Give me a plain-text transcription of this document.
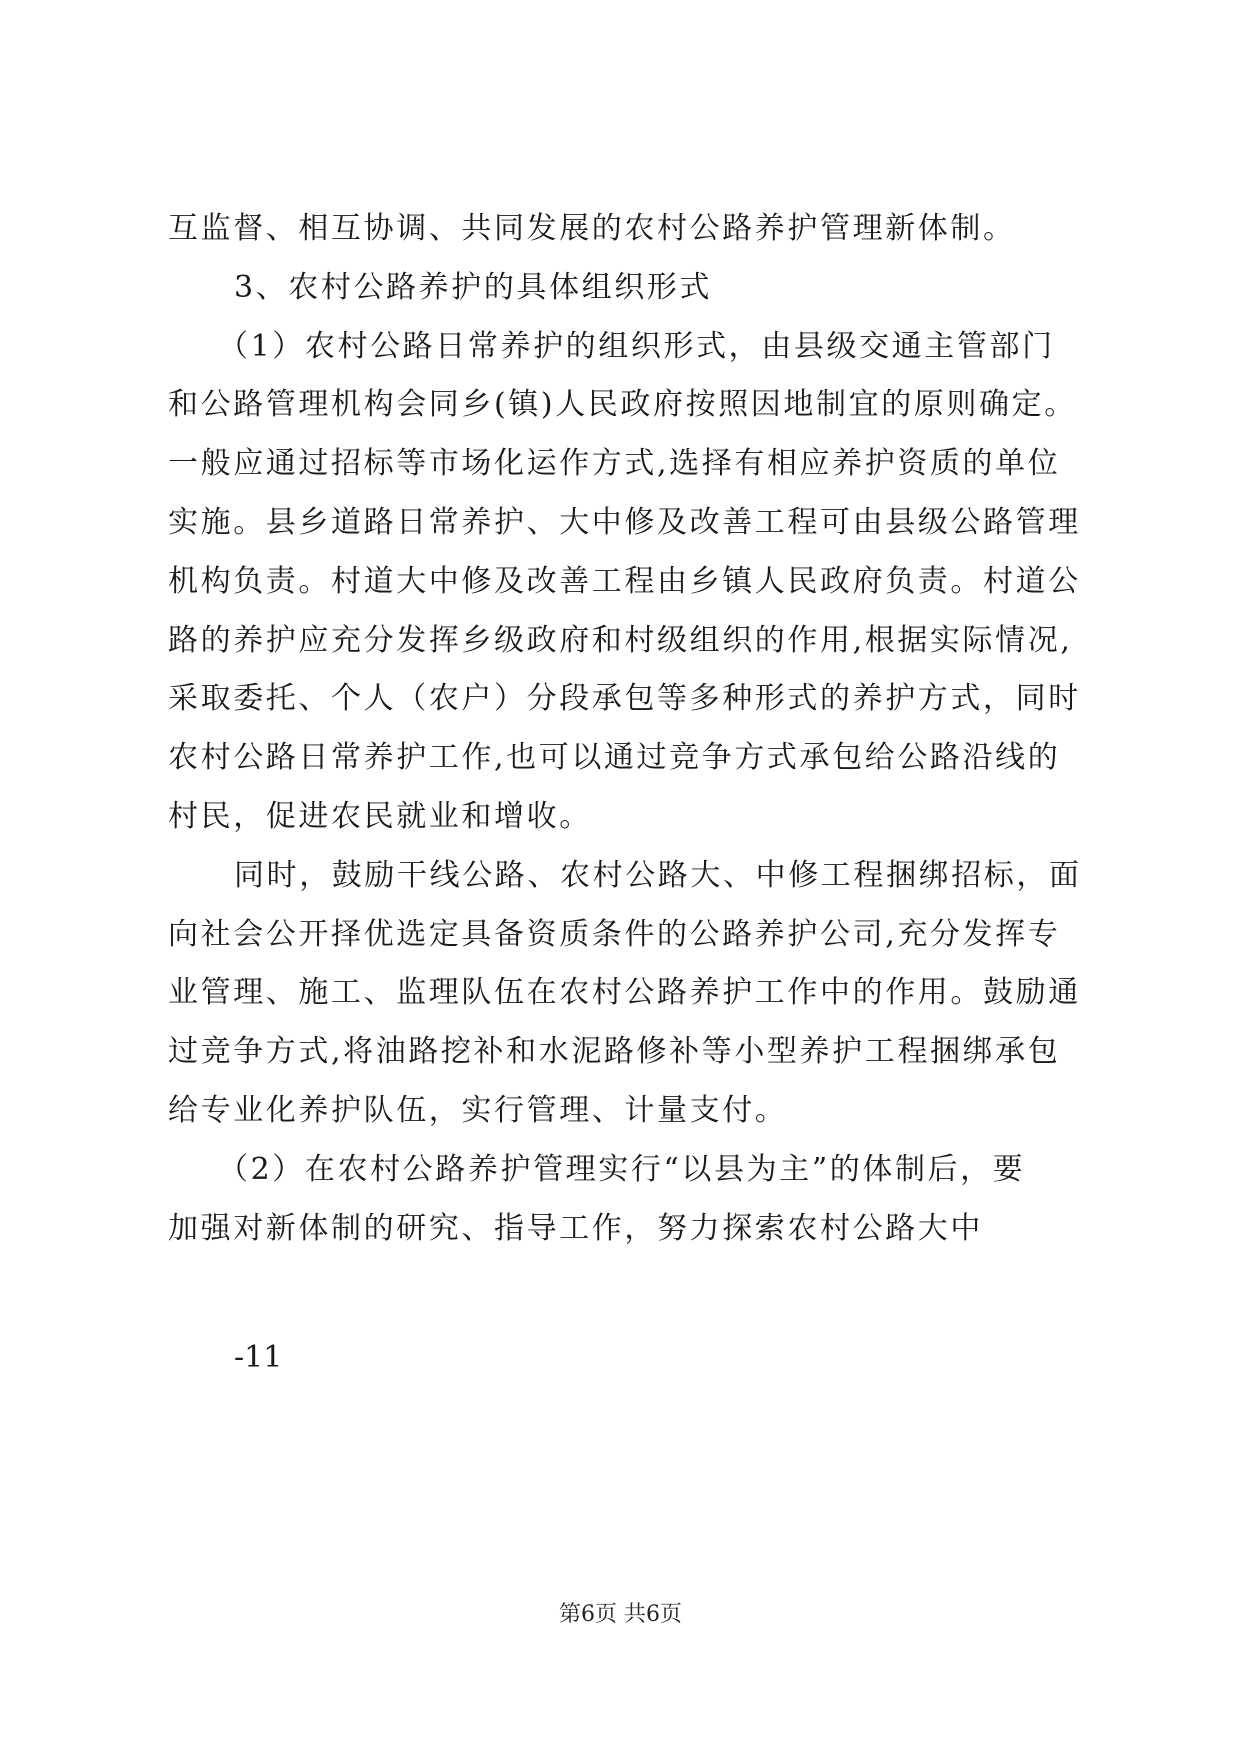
互监督、相互协调、共同发展的农村公路养护管理新体制。
3、农村公路养护的具体组织形式
（1）农村公路日常养护的组织形式，由县级交通主管部门
和公路管理机构会同乡(镇)人民政府按照因地制宜的原则确定。
一般应通过招标等市场化运作方式,选择有相应养护资质的单位
实施。县乡道路日常养护、大中修及改善工程可由县级公路管理
机构负责。村道大中修及改善工程由乡镇人民政府负责。村道公
路的养护应充分发挥乡级政府和村级组织的作用,根据实际情况,
采取委托、个人（农户）分段承包等多种形式的养护方式，同时
农村公路日常养护工作,也可以通过竞争方式承包给公路沿线的
村民，促进农民就业和增收。
同时，鼓励干线公路、农村公路大、中修工程捆绑招标，面
向社会公开择优选定具备资质条件的公路养护公司,充分发挥专
业管理、施工、监理队伍在农村公路养护工作中的作用。鼓励通
过竞争方式,将油路挖补和水泥路修补等小型养护工程捆绑承包
给专业化养护队伍，实行管理、计量支付。
（2）在农村公路养护管理实行“以县为主”的体制后，要
加强对新体制的研究、指导工作，努力探索农村公路大中
-11
第6页 共6页
